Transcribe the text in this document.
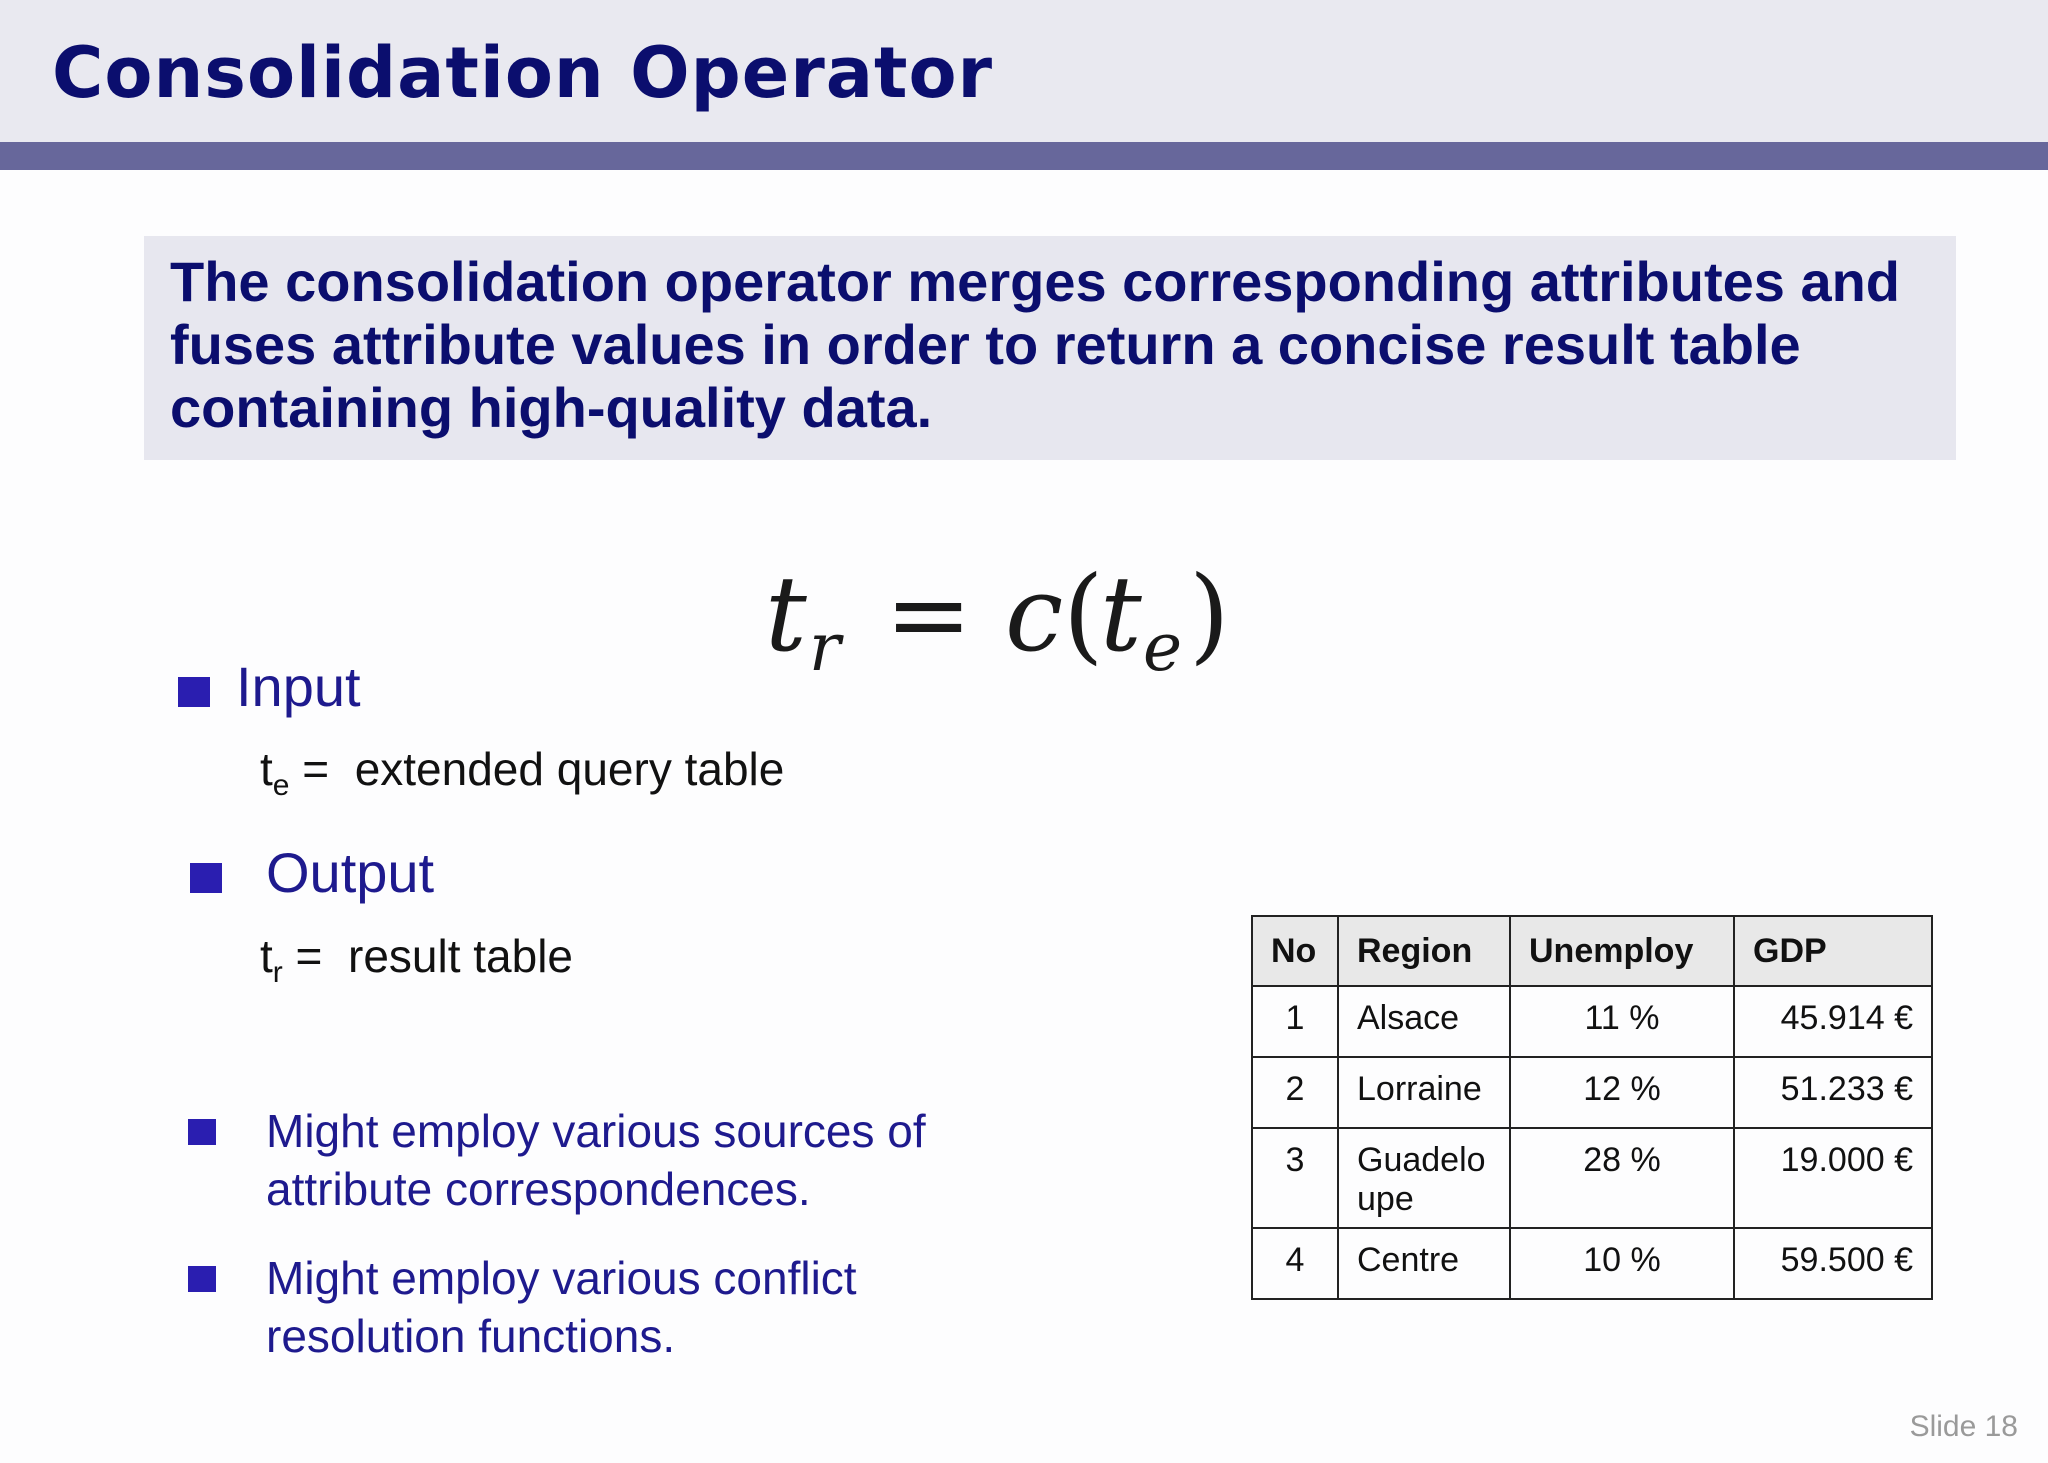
Consolidation Operator
The consolidation operator merges corresponding attributes and fuses attribute values in order to return a concise result table containing high-quality data.
t r = c (
t e )
Input
$t_e$ =  extended query table
Output
$t_r$ =  result table
Might employ various sources of attribute correspondences.
Might employ various conflict resolution functions.
No	Region	Unemploy	GDP
1	Alsace	11 %	45.914 €
2	Lorraine	12 %	51.233 €
3	Guadelo upe	28 %	19.000 €
4	Centre	10 %	59.500 €
Slide 18
